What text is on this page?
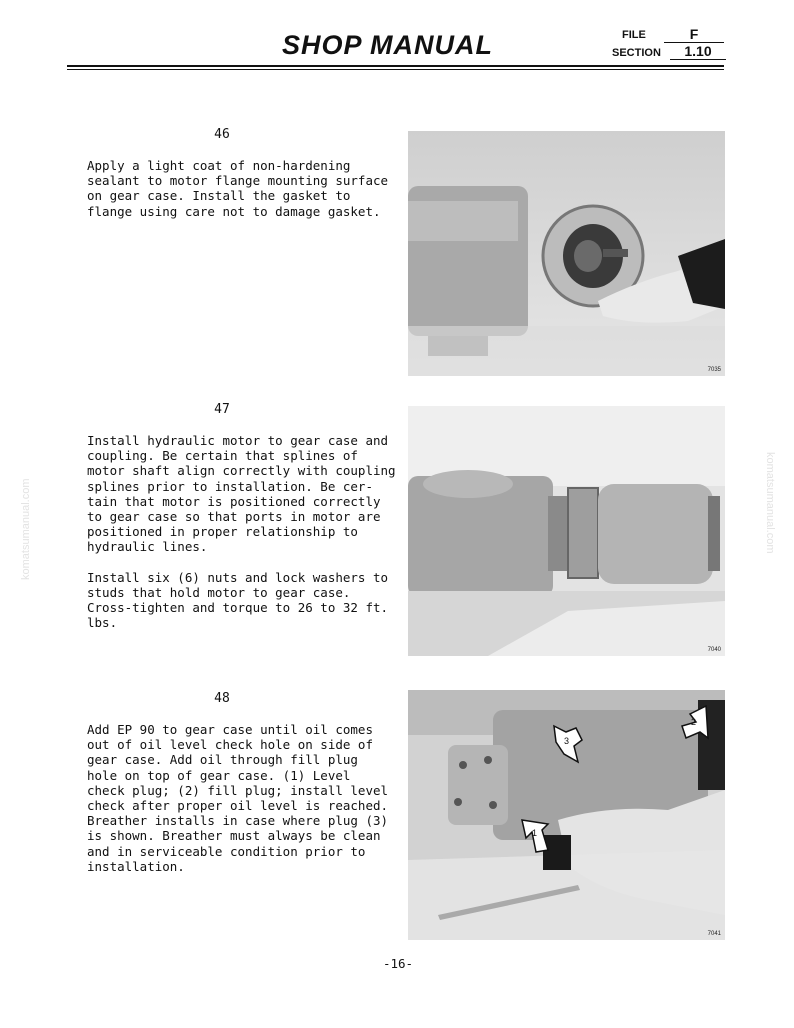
SHOP MANUAL	FILE	F
SECTION	1.10
komatsumanual.com	komatsumanual.com
46
Apply a light coat of non-hardening
sealant to motor flange mounting surface
on gear case. Install the gasket to
flange using care not to damage gasket.
7035
47
Install hydraulic motor to gear case and
coupling. Be certain that splines of
motor shaft align correctly with coupling
splines prior to installation. Be cer-
tain that motor is positioned correctly
to gear case so that ports in motor are
positioned in proper relationship to
hydraulic lines.

Install six (6) nuts and lock washers to
studs that hold motor to gear case.
Cross-tighten and torque to 26 to 32 ft.
lbs.
7040
48
Add EP 90 to gear case until oil comes
out of oil level check hole on side of
gear case. Add oil through fill plug
hole on top of gear case. (1) Level
check plug; (2) fill plug; install level
check after proper oil level is reached.
Breather installs in case where plug (3)
is shown. Breather must always be clean
and in serviceable condition prior to
installation.
1
2
3
7041
-16-
